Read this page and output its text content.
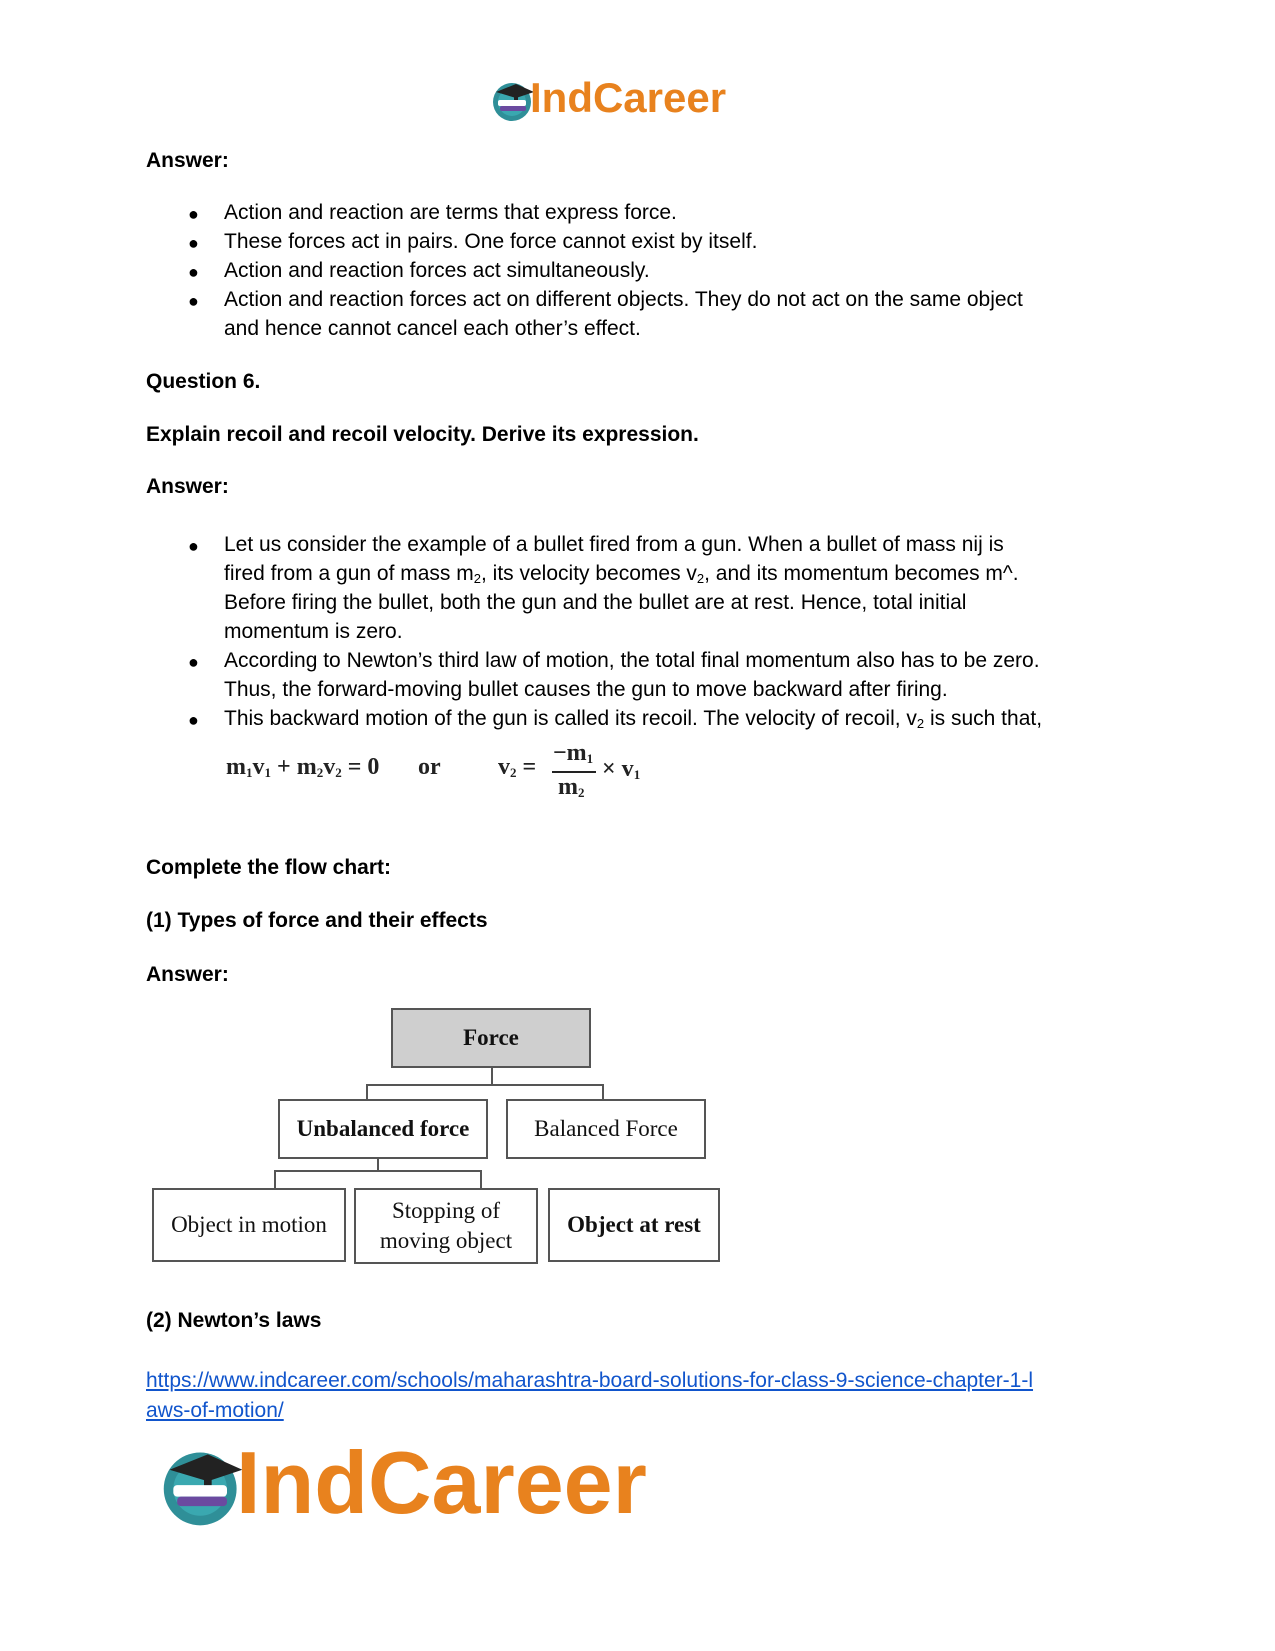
IndCareer
Answer:
● Action and reaction are terms that express force.
● These forces act in pairs. One force cannot exist by itself.
● Action and reaction forces act simultaneously.
● Action and reaction forces act on different objects. They do not act on the same object
and hence cannot cancel each other’s effect.
Question 6.
Explain recoil and recoil velocity. Derive its expression.
Answer:
● Let us consider the example of a bullet fired from a gun. When a bullet of mass nij is
fired from a gun of mass $m_2$, its velocity becomes $v_2$, and its momentum becomes m^.
Before firing the bullet, both the gun and the bullet are at rest. Hence, total initial
momentum is zero.
● According to Newton’s third law of motion, the total final momentum also has to be zero.
Thus, the forward-moving bullet causes the gun to move backward after firing.
● This backward motion of the gun is called its recoil. The velocity of recoil, $v_2$ is such that,
$m_1v_1 + m_2v_2 = 0$ or $v_2$ =
$-m_1$
$m_2$
× $v_1$
Complete the flow chart:
(1) Types of force and their effects
Answer:
Force
Unbalanced force	Balanced Force
Object in motion
Stopping of
moving object
Object at rest
(2) Newton’s laws
https://www.indcareer.com/schools/maharashtra-board-solutions-for-class-9-science-chapter-1-l
aws-of-motion/
IndCareer
